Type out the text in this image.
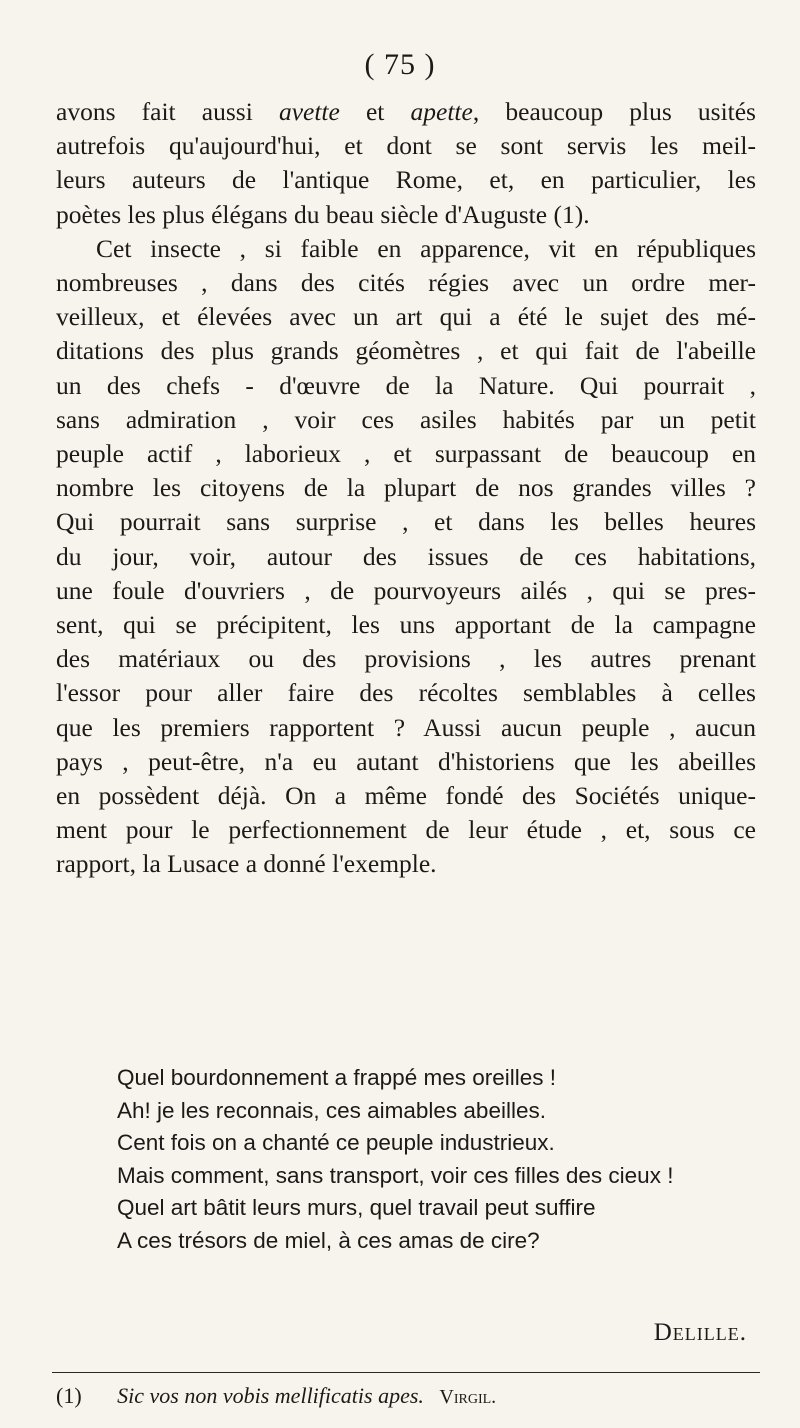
( 75 )

avons fait aussi avette et apette, beaucoup plus usités
autrefois qu'aujourd'hui, et dont se sont servis les meil-
leurs auteurs de l'antique Rome, et, en particulier, les
poètes les plus élégans du beau siècle d'Auguste (1).

Cet insecte , si faible en apparence, vit en républiques
nombreuses , dans des cités régies avec un ordre mer-
veilleux, et élevées avec un art qui a été le sujet des mé-
ditations des plus grands géomètres , et qui fait de l'abeille
un des chefs - d'œuvre de la Nature. Qui pourrait ,
sans admiration , voir ces asiles habités par un petit
peuple actif , laborieux , et surpassant de beaucoup en
nombre les citoyens de la plupart de nos grandes villes ?
Qui pourrait sans surprise , et dans les belles heures
du jour, voir, autour des issues de ces habitations,
une foule d'ouvriers , de pourvoyeurs ailés , qui se pres-
sent, qui se précipitent, les uns apportant de la campagne
des matériaux ou des provisions , les autres prenant
l'essor pour aller faire des récoltes semblables à celles
que les premiers rapportent ? Aussi aucun peuple , aucun
pays , peut-être, n'a eu autant d'historiens que les abeilles
en possèdent déjà. On a même fondé des Sociétés unique-
ment pour le perfectionnement de leur étude , et, sous ce
rapport, la Lusace a donné l'exemple.

Quel bourdonnement a frappé mes oreilles !
Ah! je les reconnais, ces aimables abeilles.
Cent fois on a chanté ce peuple industrieux.
Mais comment, sans transport, voir ces filles des cieux !
Quel art bâtit leurs murs, quel travail peut suffire
A ces trésors de miel, à ces amas de cire?
Delille.
(1) Sic vos non vobis mellificatis apes. Virgil.
